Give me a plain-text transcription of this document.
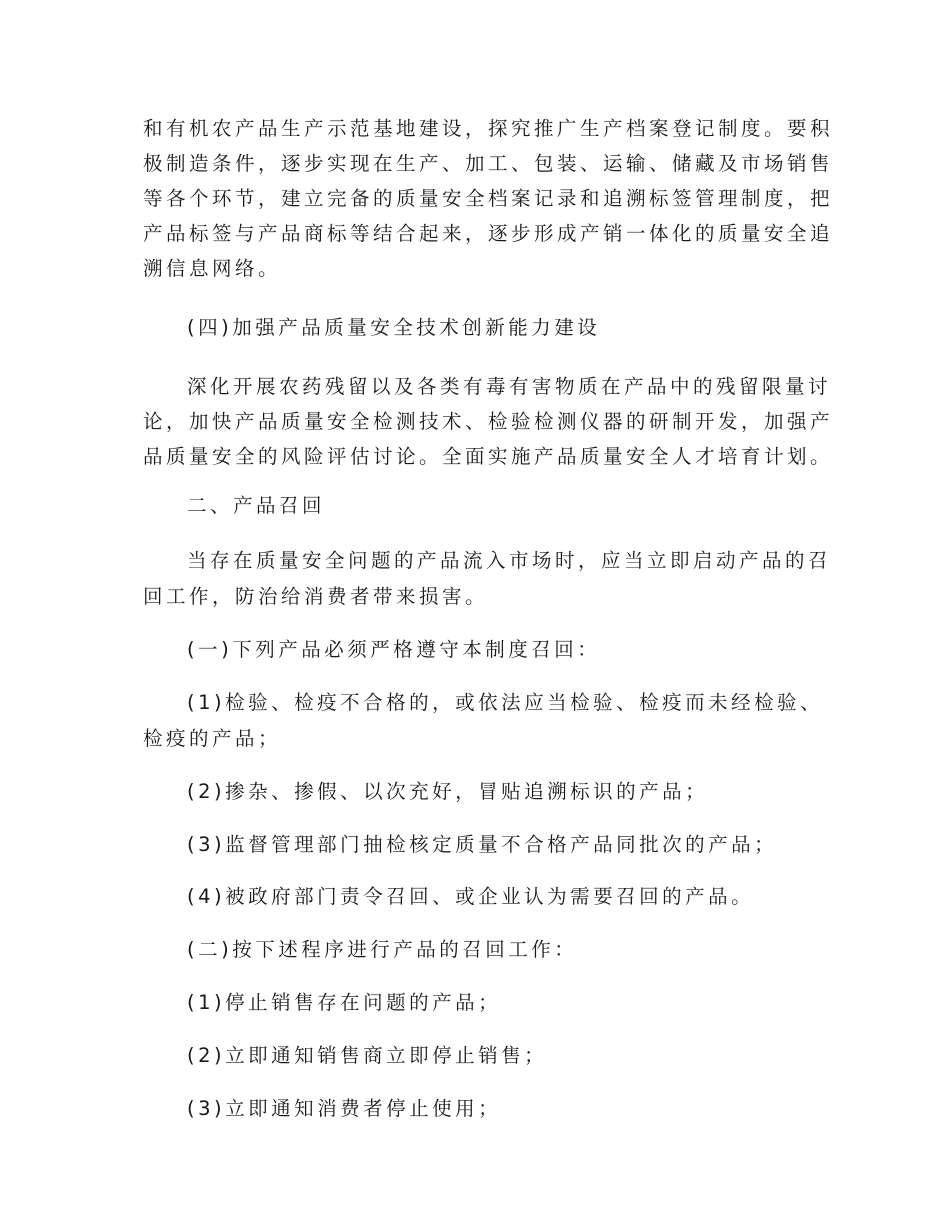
和有机农产品生产示范基地建设，探究推广生产档案登记制度。要积
极制造条件，逐步实现在生产、加工、包装、运输、储藏及市场销售
等各个环节，建立完备的质量安全档案记录和追溯标签管理制度，把
产品标签与产品商标等结合起来，逐步形成产销一体化的质量安全追
溯信息网络。
(四)加强产品质量安全技术创新能力建设
深化开展农药残留以及各类有毒有害物质在产品中的残留限量讨
论，加快产品质量安全检测技术、检验检测仪器的研制开发，加强产
品质量安全的风险评估讨论。全面实施产品质量安全人才培育计划。
二、产品召回
当存在质量安全问题的产品流入市场时，应当立即启动产品的召
回工作，防治给消费者带来损害。
(一)下列产品必须严格遵守本制度召回：
(1)检验、检疫不合格的，或依法应当检验、检疫而未经检验、
检疫的产品；
(2)掺杂、掺假、以次充好，冒贴追溯标识的产品；
(3)监督管理部门抽检核定质量不合格产品同批次的产品；
(4)被政府部门责令召回、或企业认为需要召回的产品。
(二)按下述程序进行产品的召回工作：
(1)停止销售存在问题的产品；
(2)立即通知销售商立即停止销售；
(3)立即通知消费者停止使用；
